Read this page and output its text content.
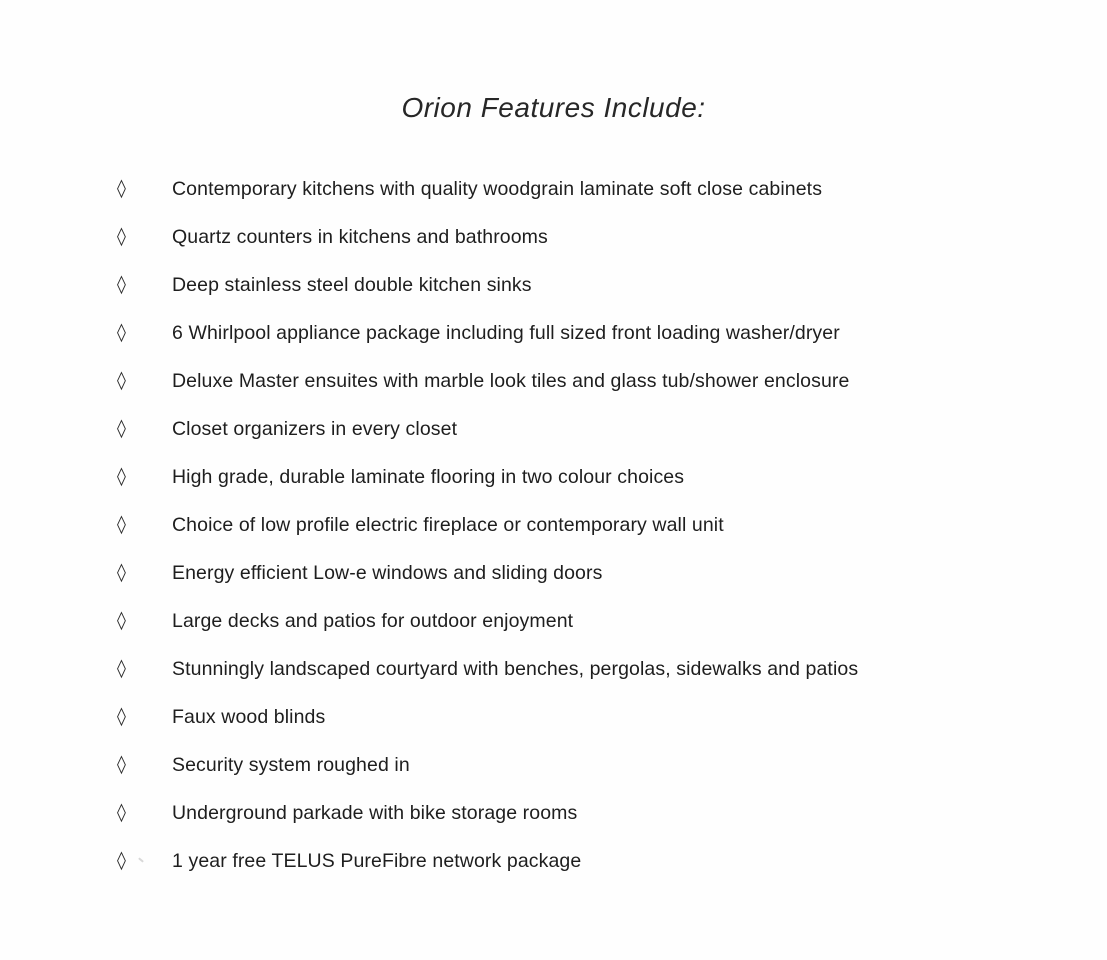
Orion Features Include:
◊ Contemporary kitchens with quality woodgrain laminate soft close cabinets
◊ Quartz counters in kitchens and bathrooms
◊ Deep stainless steel double kitchen sinks
◊ 6 Whirlpool appliance package including full sized front loading washer/dryer
◊ Deluxe Master ensuites with marble look tiles and glass tub/shower enclosure
◊ Closet organizers in every closet
◊ High grade, durable laminate flooring in two colour choices
◊ Choice of low profile electric fireplace or contemporary wall unit
◊ Energy efficient Low-e windows and sliding doors
◊ Large decks and patios for outdoor enjoyment
◊ Stunningly landscaped courtyard with benches, pergolas, sidewalks and patios
◊ Faux wood blinds
◊ Security system roughed in
◊ Underground parkade with bike storage rooms
◊ 1 year free TELUS PureFibre network package
